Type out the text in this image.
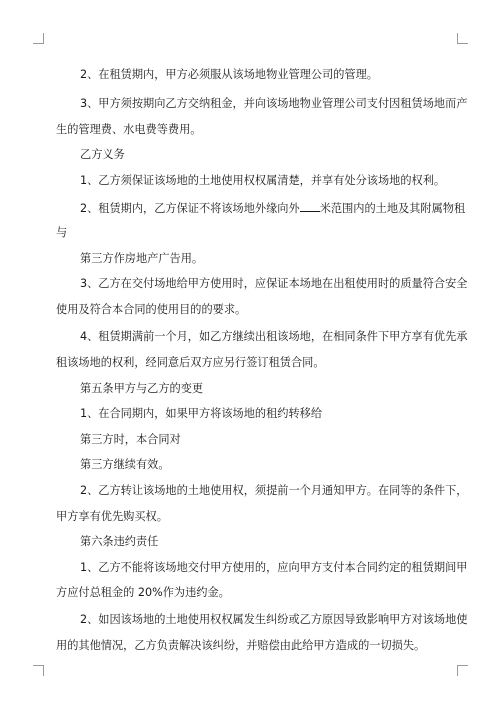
2、在租赁期内，甲方必须服从该场地物业管理公司的管理。
3、甲方须按期向乙方交纳租金，并向该场地物业管理公司支付因租赁场地而产
生的管理费、水电费等费用。
乙方义务
1、乙方须保证该场地的土地使用权权属清楚，并享有处分该场地的权利。
2、租赁期内，乙方保证不将该场地外缘向外 米范围内的土地及其附属物租
与
第三方作房地产广告用。
3、乙方在交付场地给甲方使用时，应保证本场地在出租使用时的质量符合安全
使用及符合本合同的使用目的的要求。
4、租赁期满前一个月，如乙方继续出租该场地，在相同条件下甲方享有优先承
租该场地的权利，经同意后双方应另行签订租赁合同。
第五条甲方与乙方的变更
1、在合同期内，如果甲方将该场地的租约转移给
第三方时，本合同对
第三方继续有效。
2、乙方转让该场地的土地使用权，须提前一个月通知甲方。在同等的条件下，
甲方享有优先购买权。
第六条违约责任
1、乙方不能将该场地交付甲方使用的，应向甲方支付本合同约定的租赁期间甲
方应付总租金的 20%作为违约金。
2、如因该场地的土地使用权权属发生纠纷或乙方原因导致影响甲方对该场地使
用的其他情况，乙方负责解决该纠纷，并赔偿由此给甲方造成的一切损失。
